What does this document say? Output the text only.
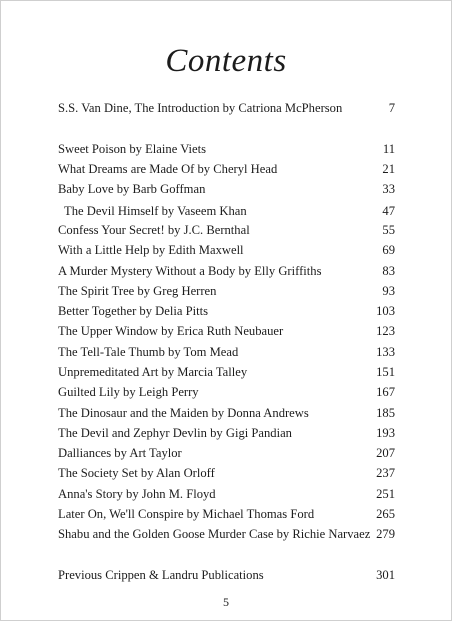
Contents
S.S. Van Dine, The Introduction by Catriona McPherson	7
Sweet Poison by Elaine Viets	11
What Dreams are Made Of by Cheryl Head	21
Baby Love by Barb Goffman	33
The Devil Himself by Vaseem Khan	47
Confess Your Secret! by J.C. Bernthal	55
With a Little Help by Edith Maxwell	69
A Murder Mystery Without a Body by Elly Griffiths	83
The Spirit Tree by Greg Herren	93
Better Together by Delia Pitts	103
The Upper Window by Erica Ruth Neubauer	123
The Tell-Tale Thumb by Tom Mead	133
Unpremeditated Art by Marcia Talley	151
Guilted Lily by Leigh Perry	167
The Dinosaur and the Maiden by Donna Andrews	185
The Devil and Zephyr Devlin by Gigi Pandian	193
Dalliances by Art Taylor	207
The Society Set by Alan Orloff	237
Anna's Story by John M. Floyd	251
Later On, We'll Conspire by Michael Thomas Ford	265
Shabu and the Golden Goose Murder Case by Richie Narvaez 279
Previous Crippen & Landru Publications	301
5
